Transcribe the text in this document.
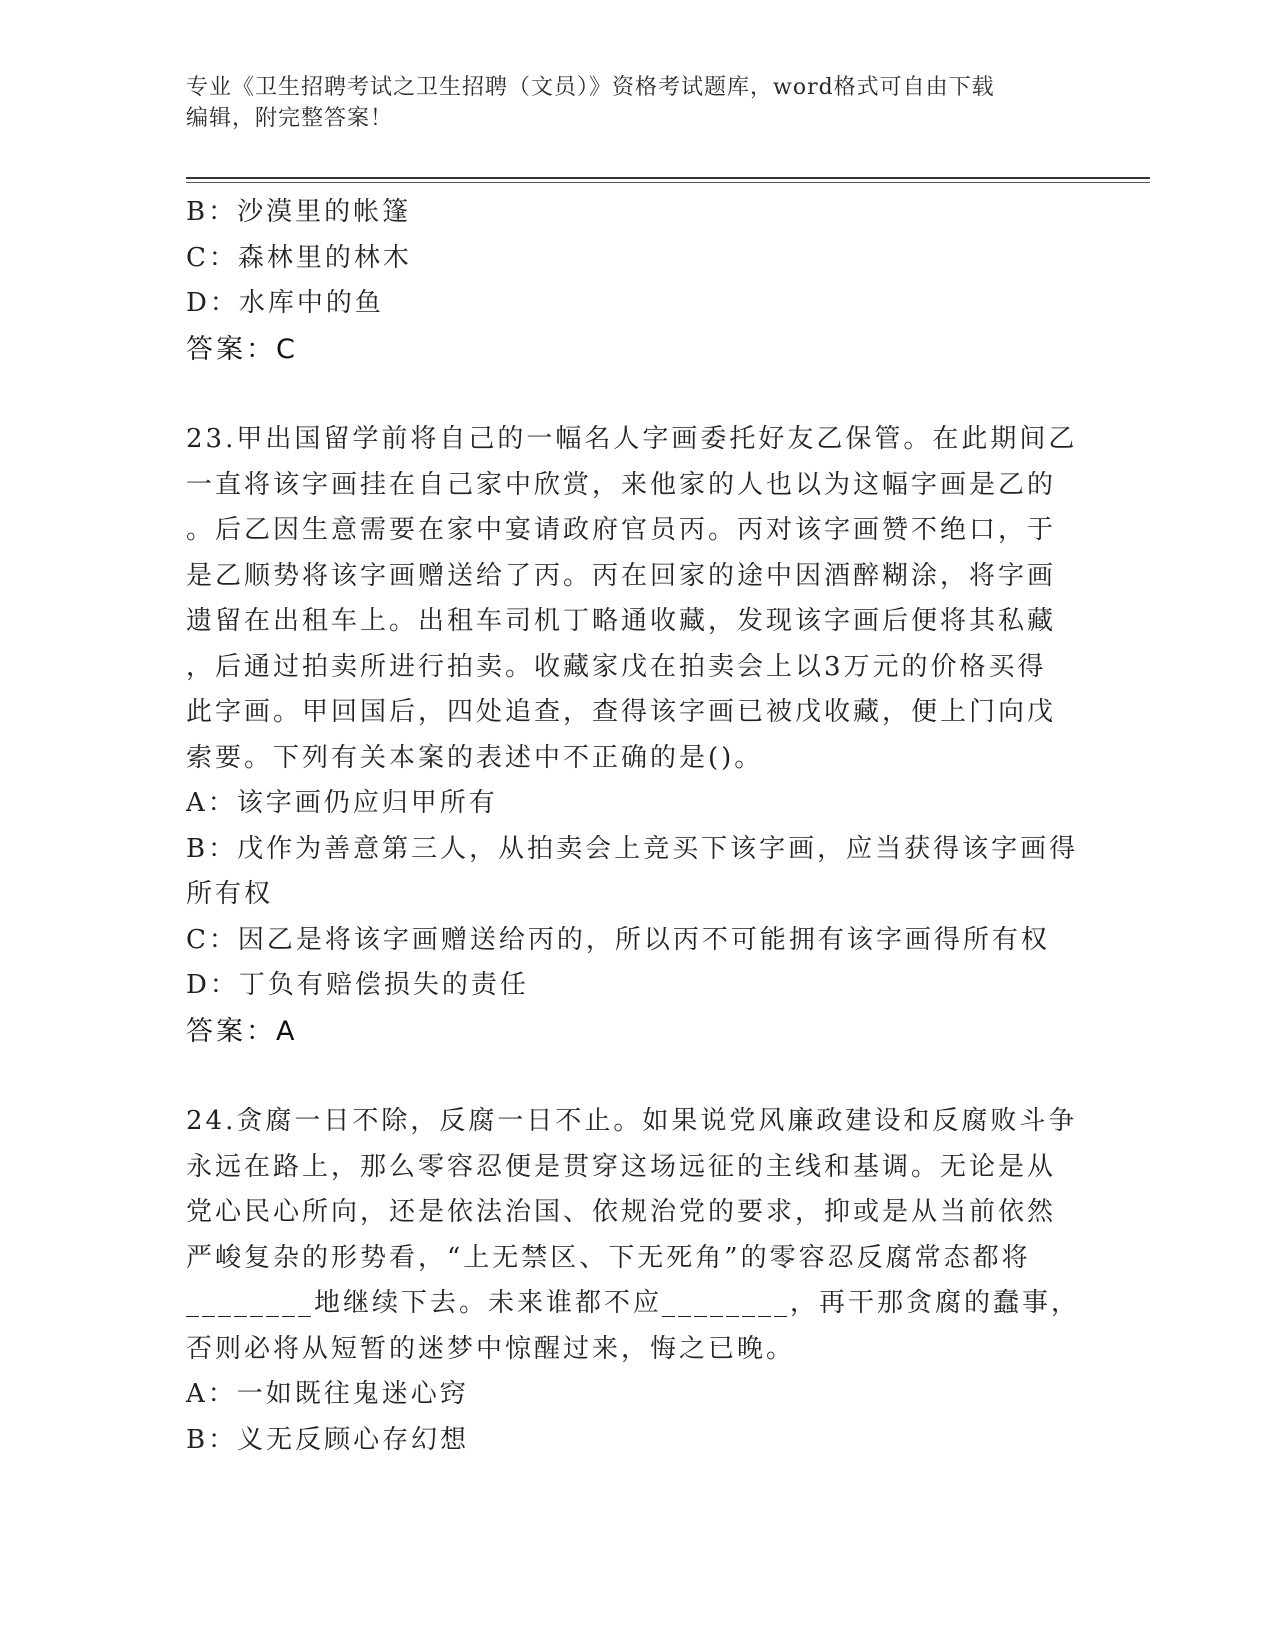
专业《卫生招聘考试之卫生招聘（文员）》资格考试题库，word格式可自由下载
编辑，附完整答案！

B：沙漠里的帐篷

C：森林里的林木

D：水库中的鱼

答案：C

23.甲出国留学前将自己的一幅名人字画委托好友乙保管。在此期间乙

一直将该字画挂在自己家中欣赏，来他家的人也以为这幅字画是乙的

。后乙因生意需要在家中宴请政府官员丙。丙对该字画赞不绝口，于

是乙顺势将该字画赠送给了丙。丙在回家的途中因酒醉糊涂，将字画

遗留在出租车上。出租车司机丁略通收藏，发现该字画后便将其私藏

，后通过拍卖所进行拍卖。收藏家戊在拍卖会上以3万元的价格买得

此字画。甲回国后，四处追查，查得该字画已被戊收藏，便上门向戊

索要。下列有关本案的表述中不正确的是()。

A：该字画仍应归甲所有

B：戊作为善意第三人，从拍卖会上竞买下该字画，应当获得该字画得

所有权

C：因乙是将该字画赠送给丙的，所以丙不可能拥有该字画得所有权

D：丁负有赔偿损失的责任

答案：A

24.贪腐一日不除，反腐一日不止。如果说党风廉政建设和反腐败斗争

永远在路上，那么零容忍便是贯穿这场远征的主线和基调。无论是从

党心民心所向，还是依法治国、依规治党的要求，抑或是从当前依然

严峻复杂的形势看，“上无禁区、下无死角”的零容忍反腐常态都将

________地继续下去。未来谁都不应________，再干那贪腐的蠢事，

否则必将从短暂的迷梦中惊醒过来，悔之已晚。

A：一如既往鬼迷心窍

B：义无反顾心存幻想
